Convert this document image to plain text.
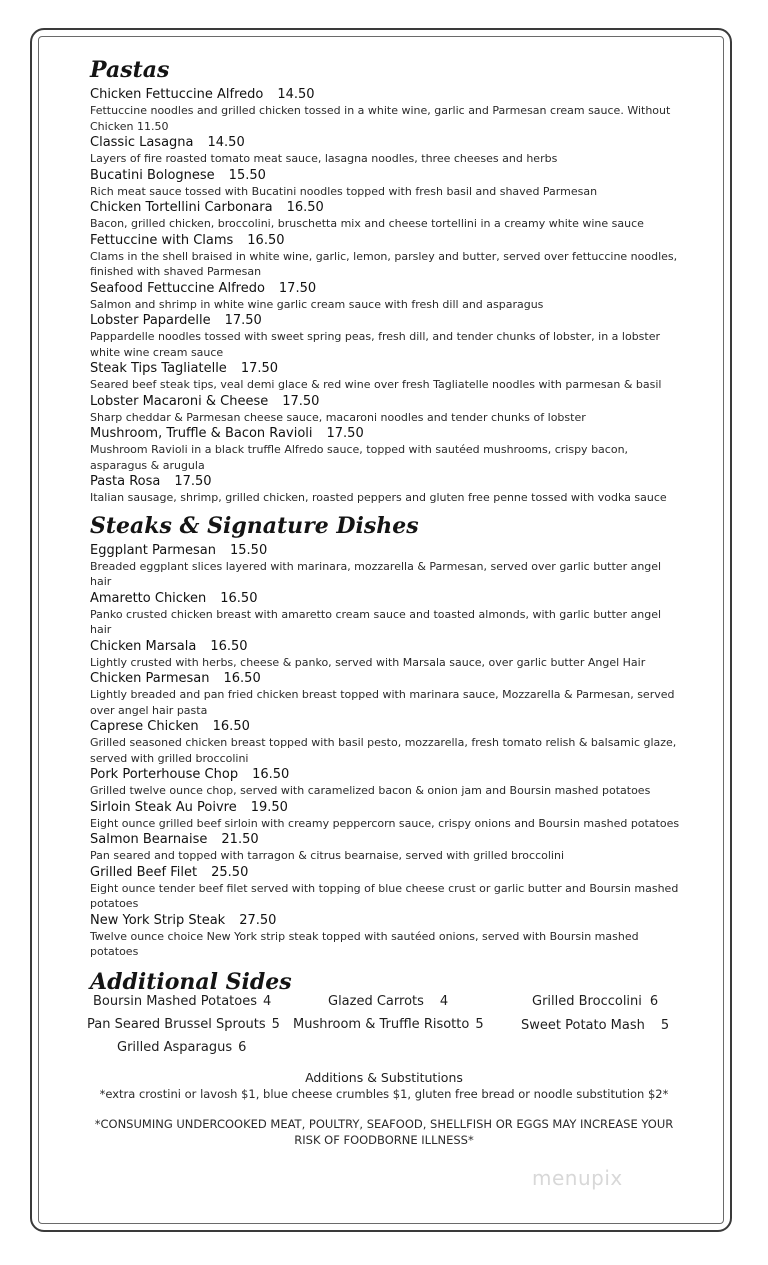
Pastas
Chicken Fettuccine Alfredo 14.50
Fettuccine noodles and grilled chicken tossed in a white wine, garlic and Parmesan cream sauce. Without Chicken 11.50
Classic Lasagna 14.50
Layers of fire roasted tomato meat sauce, lasagna noodles, three cheeses and herbs
Bucatini Bolognese 15.50
Rich meat sauce tossed with Bucatini noodles topped with fresh basil and shaved Parmesan
Chicken Tortellini Carbonara 16.50
Bacon, grilled chicken, broccolini, bruschetta mix and cheese tortellini in a creamy white wine sauce
Fettuccine with Clams 16.50
Clams in the shell braised in white wine, garlic, lemon, parsley and butter, served over fettuccine noodles, finished with shaved Parmesan
Seafood Fettuccine Alfredo 17.50
Salmon and shrimp in white wine garlic cream sauce with fresh dill and asparagus
Lobster Papardelle 17.50
Pappardelle noodles tossed with sweet spring peas, fresh dill, and tender chunks of lobster, in a lobster white wine cream sauce
Steak Tips Tagliatelle 17.50
Seared beef steak tips, veal demi glace & red wine over fresh Tagliatelle noodles with parmesan & basil
Lobster Macaroni & Cheese 17.50
Sharp cheddar & Parmesan cheese sauce, macaroni noodles and tender chunks of lobster
Mushroom, Truffle & Bacon Ravioli 17.50
Mushroom Ravioli in a black truffle Alfredo sauce, topped with sautéed mushrooms, crispy bacon, asparagus & arugula
Pasta Rosa 17.50
Italian sausage, shrimp, grilled chicken, roasted peppers and gluten free penne tossed with vodka sauce
Steaks & Signature Dishes
Eggplant Parmesan 15.50
Breaded eggplant slices layered with marinara, mozzarella & Parmesan, served over garlic butter angel hair
Amaretto Chicken 16.50
Panko crusted chicken breast with amaretto cream sauce and toasted almonds, with garlic butter angel hair
Chicken Marsala 16.50
Lightly crusted with herbs, cheese & panko, served with Marsala sauce, over garlic butter Angel Hair
Chicken Parmesan 16.50
Lightly breaded and pan fried chicken breast topped with marinara sauce, Mozzarella & Parmesan, served over angel hair pasta
Caprese Chicken 16.50
Grilled seasoned chicken breast topped with basil pesto, mozzarella, fresh tomato relish & balsamic glaze, served with grilled broccolini
Pork Porterhouse Chop 16.50
Grilled twelve ounce chop, served with caramelized bacon & onion jam and Boursin mashed potatoes
Sirloin Steak Au Poivre 19.50
Eight ounce grilled beef sirloin with creamy peppercorn sauce, crispy onions and Boursin mashed potatoes
Salmon Bearnaise 21.50
Pan seared and topped with tarragon & citrus bearnaise, served with grilled broccolini
Grilled Beef Filet 25.50
Eight ounce tender beef filet served with topping of blue cheese crust or garlic butter and Boursin mashed potatoes
New York Strip Steak 27.50
Twelve ounce choice New York strip steak topped with sautéed onions, served with Boursin mashed potatoes
Additional Sides
Boursin Mashed Potatoes 4	Glazed Carrots 4	Grilled Broccolini 6
Pan Seared Brussel Sprouts 5 Mushroom & Truffle Risotto 5	Sweet Potato Mash 5
Grilled Asparagus 6
Additions & Substitutions
*extra crostini or lavosh $1, blue cheese crumbles $1, gluten free bread or noodle substitution $2*
*CONSUMING UNDERCOOKED MEAT, POULTRY, SEAFOOD, SHELLFISH OR EGGS MAY INCREASE YOUR RISK OF FOODBORNE ILLNESS*
menupix
